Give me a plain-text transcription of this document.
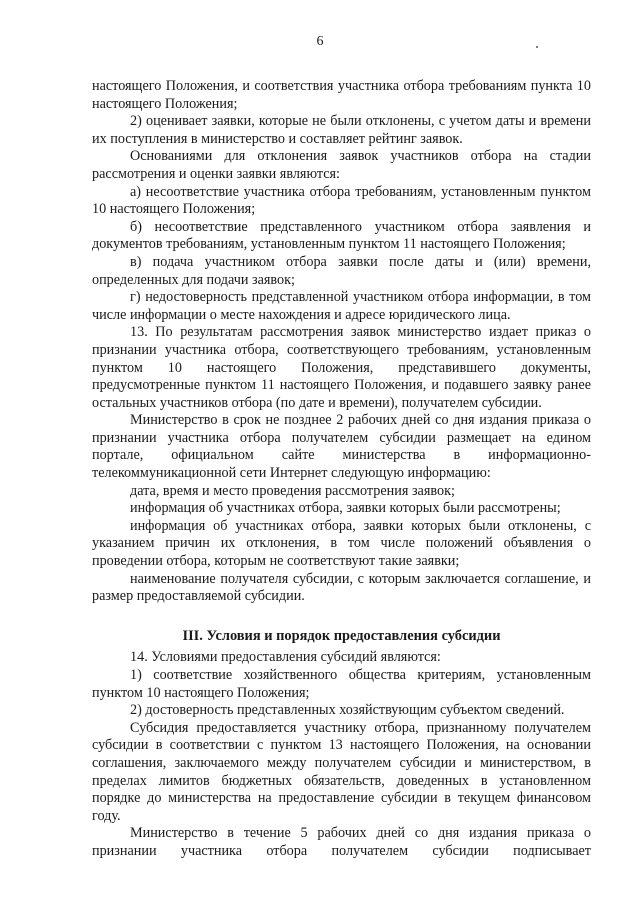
6

настоящего Положения, и соответствия участника отбора требованиям пункта 10 настоящего Положения;

2) оценивает заявки, которые не были отклонены, с учетом даты и времени их поступления в министерство и составляет рейтинг заявок.

Основаниями для отклонения заявок участников отбора на стадии рассмотрения и оценки заявки являются:

а) несоответствие участника отбора требованиям, установленным пунктом 10 настоящего Положения;

б) несоответствие представленного участником отбора заявления и документов требованиям, установленным пунктом 11 настоящего Положения;

в) подача участником отбора заявки после даты и (или) времени, определенных для подачи заявок;

г) недостоверность представленной участником отбора информации, в том числе информации о месте нахождения и адресе юридического лица.

13. По результатам рассмотрения заявок министерство издает приказ о признании участника отбора, соответствующего требованиям, установленным пунктом 10 настоящего Положения, представившего документы, предусмотренные пунктом 11 настоящего Положения, и подавшего заявку ранее остальных участников отбора (по дате и времени), получателем субсидии.

Министерство в срок не позднее 2 рабочих дней со дня издания приказа о признании участника отбора получателем субсидии размещает на едином портале, официальном сайте министерства в информационно-телекоммуникационной сети Интернет следующую информацию:

дата, время и место проведения рассмотрения заявок;

информация об участниках отбора, заявки которых были рассмотрены;

информация об участниках отбора, заявки которых были отклонены, с указанием причин их отклонения, в том числе положений объявления о проведении отбора, которым не соответствуют такие заявки;

наименование получателя субсидии, с которым заключается соглашение, и размер предоставляемой субсидии.

III. Условия и порядок предоставления субсидии

14. Условиями предоставления субсидий являются:

1) соответствие хозяйственного общества критериям, установленным пунктом 10 настоящего Положения;

2) достоверность представленных хозяйствующим субъектом сведений.

Субсидия предоставляется участнику отбора, признанному получателем субсидии в соответствии с пунктом 13 настоящего Положения, на основании соглашения, заключаемого между получателем субсидии и министерством, в пределах лимитов бюджетных обязательств, доведенных в установленном порядке до министерства на предоставление субсидии в текущем финансовом году.

Министерство в течение 5 рабочих дней со дня издания приказа о признании участника отбора получателем субсидии подписывает
